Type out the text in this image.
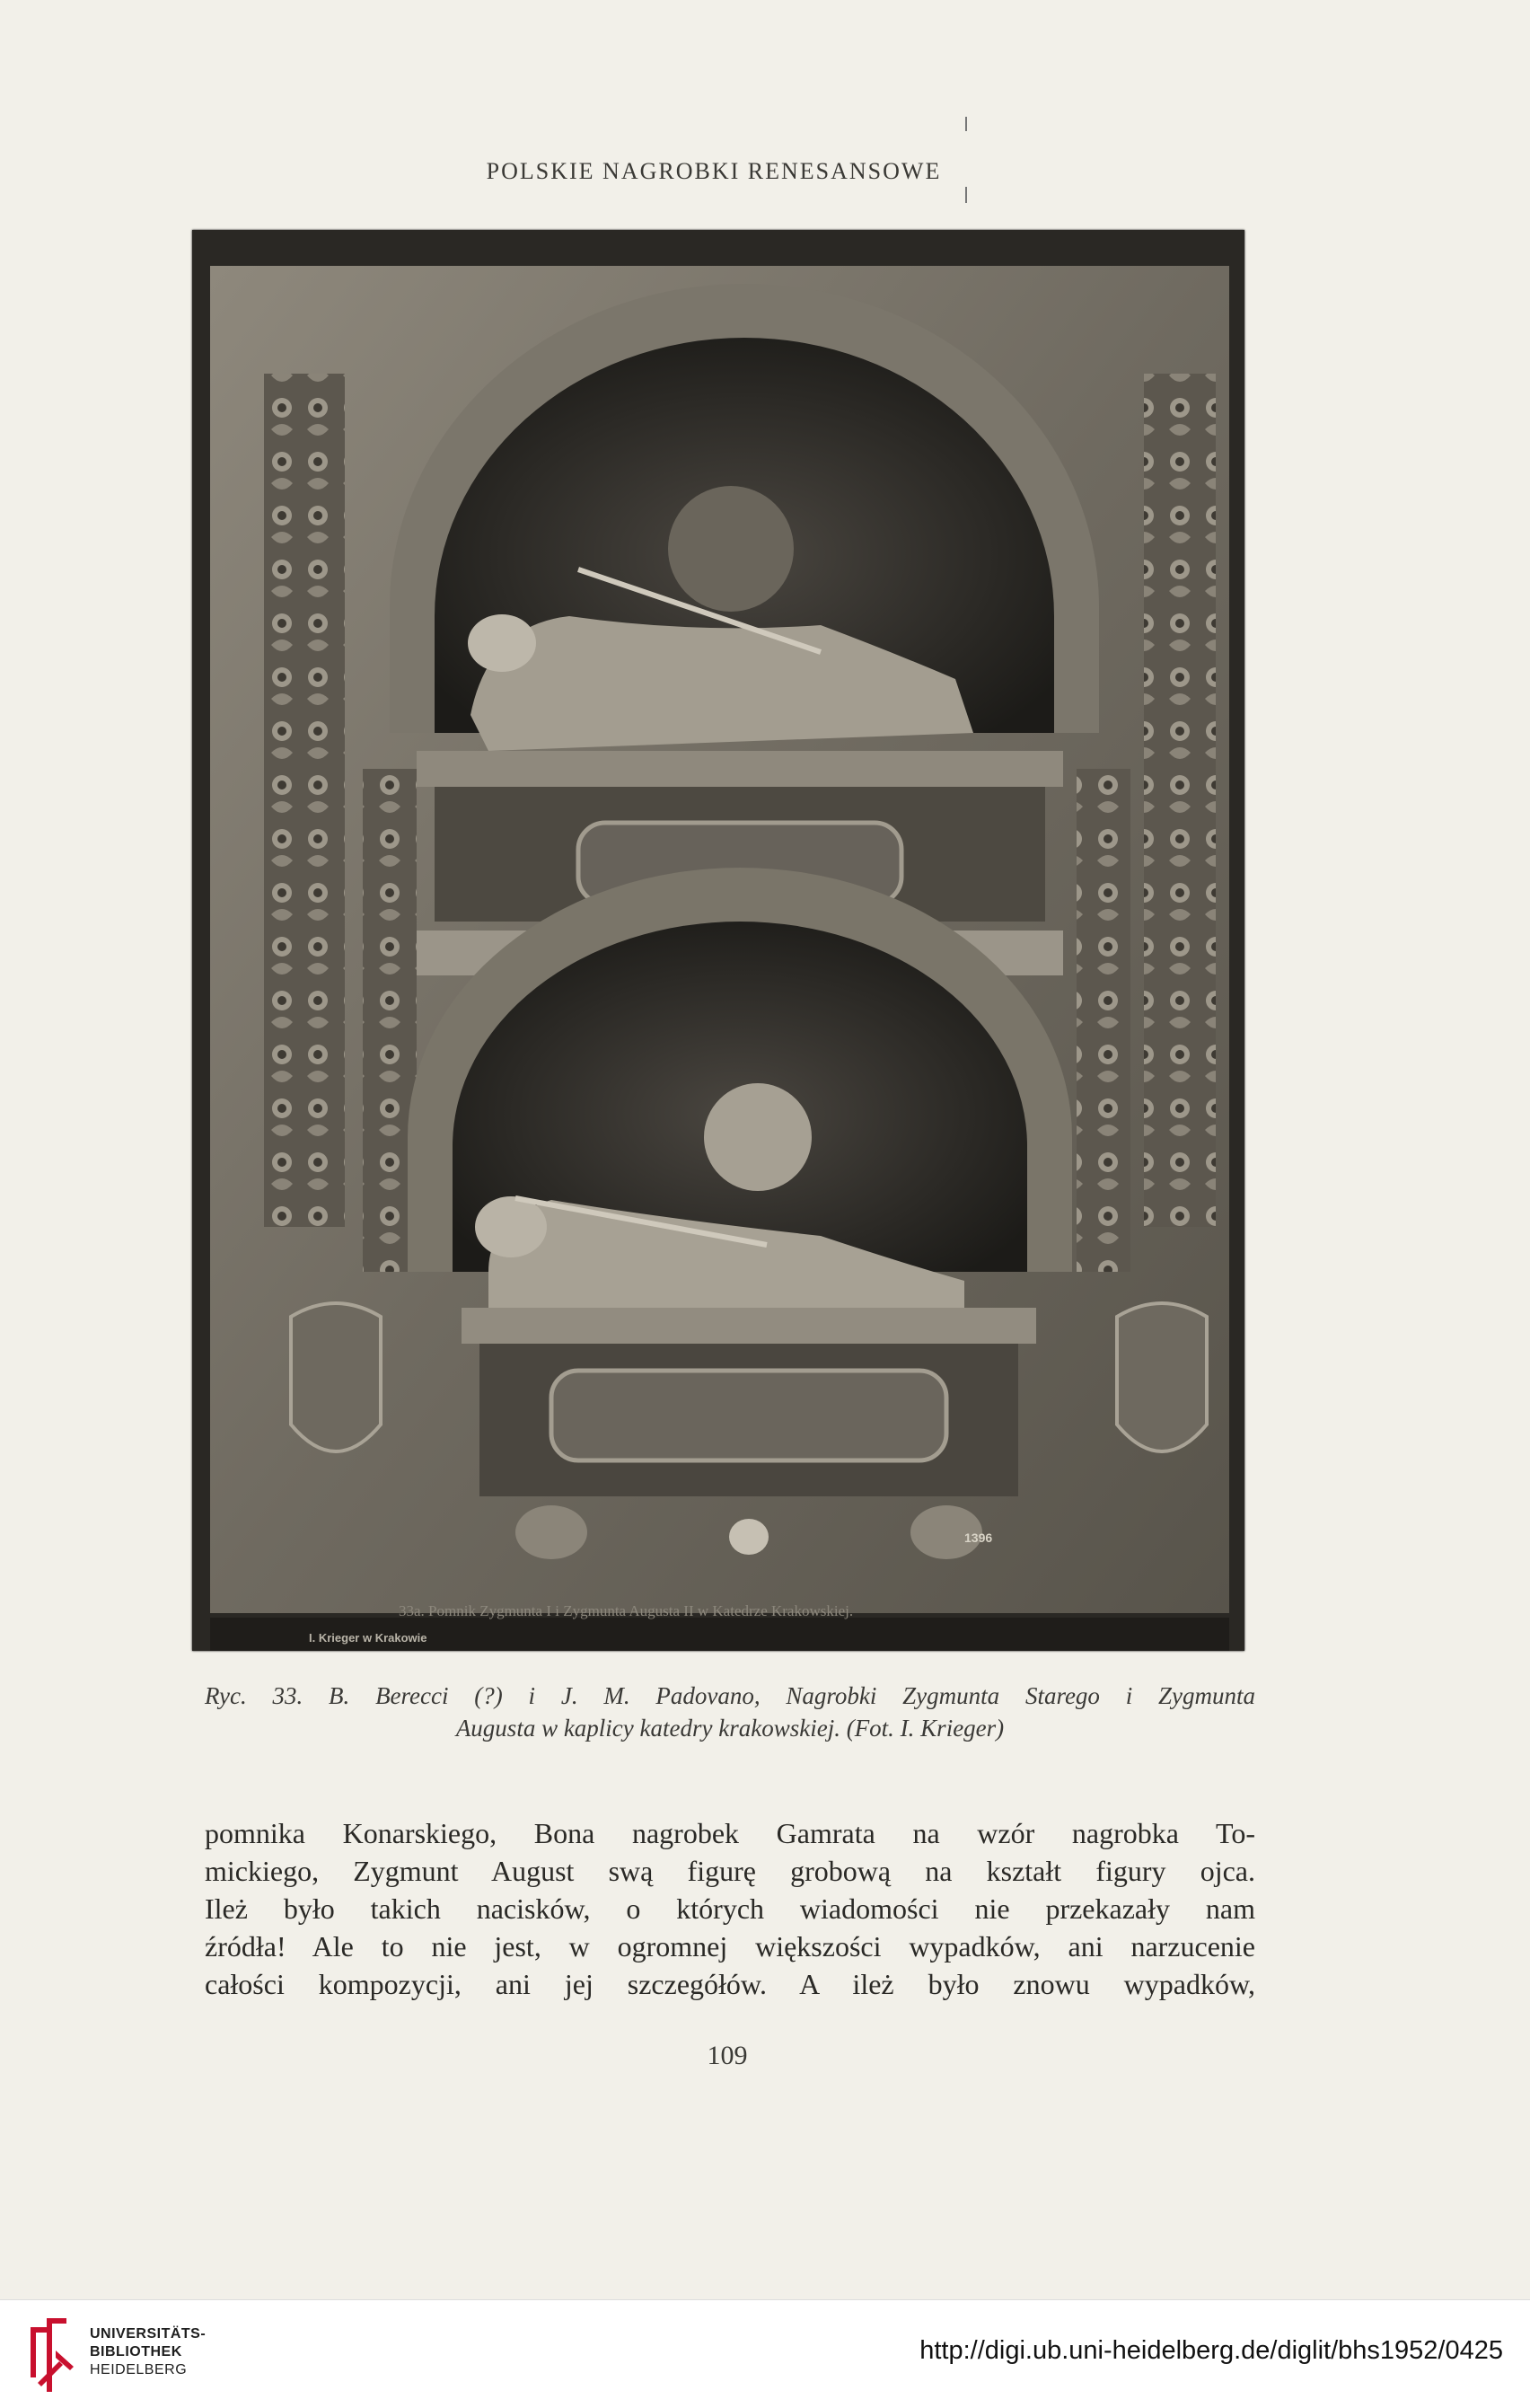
POLSKIE NAGROBKI RENESANSOWE
33a. Pomnik Zygmunta I i Zygmunta Augusta II w Katedrze Krakowskiej.
I. Krieger w Krakowie
1396
Ryc. 33. B. Berecci (?) i J. M. Padovano, Nagrobki Zygmunta Starego i Zygmunta
Augusta w kaplicy katedry krakowskiej. (Fot. I. Krieger)
pomnika Konarskiego, Bona nagrobek Gamrata na wzór nagrobka To-
mickiego, Zygmunt August swą figurę grobową na kształt figury ojca.
Ileż było takich nacisków, o których wiadomości nie przekazały nam
źródła! Ale to nie jest, w ogromnej większości wypadków, ani narzucenie
całości kompozycji, ani jej szczegółów. A ileż było znowu wypadków,
109
UNIVERSITÄTS-
BIBLIOTHEK
HEIDELBERG
http://digi.ub.uni-heidelberg.de/diglit/bhs1952/0425
